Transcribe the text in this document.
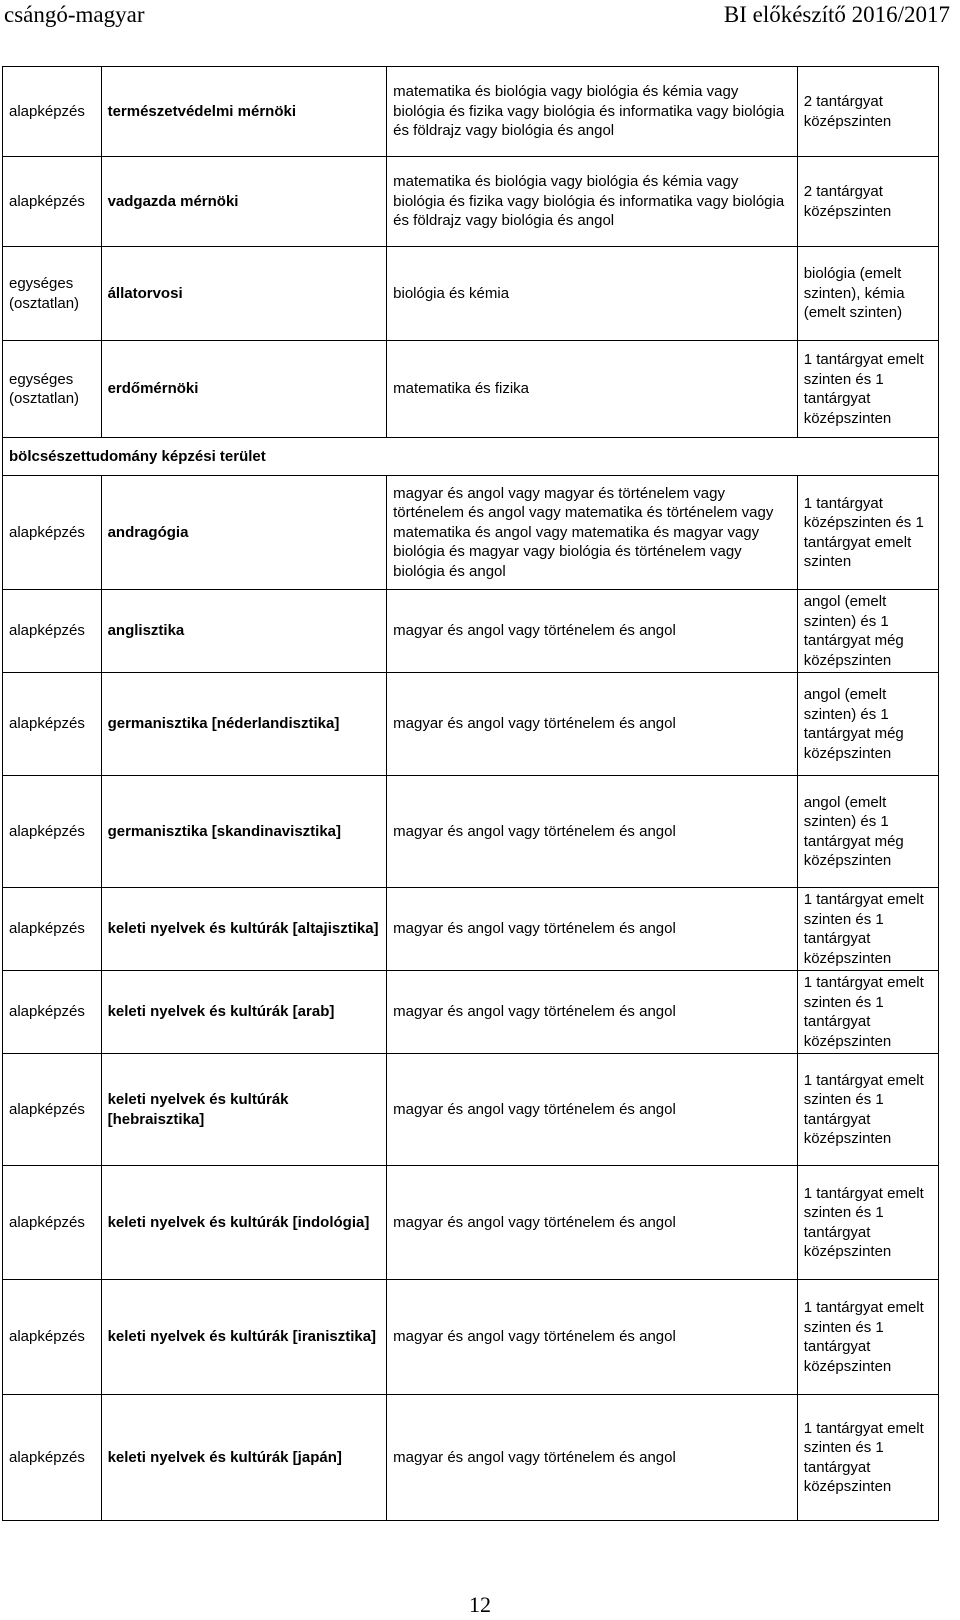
csángó-magyar	BI előkészítő 2016/2017
alapképzés	természetvédelmi mérnöki	matematika és biológia vagy biológia és kémia vagy biológia és fizika vagy biológia és informatika vagy biológia és földrajz vagy biológia és angol	2 tantárgyat középszinten
alapképzés	vadgazda mérnöki	matematika és biológia vagy biológia és kémia vagy biológia és fizika vagy biológia és informatika vagy biológia és földrajz vagy biológia és angol	2 tantárgyat középszinten
egységes (osztatlan)	állatorvosi	biológia és kémia	biológia (emelt szinten), kémia (emelt szinten)
egységes (osztatlan)	erdőmérnöki	matematika és fizika	1 tantárgyat emelt szinten és 1 tantárgyat középszinten
bölcsészettudomány képzési terület			
alapképzés	andragógia	magyar és angol vagy magyar és történelem vagy történelem és angol vagy matematika és történelem vagy matematika és angol vagy matematika és magyar vagy biológia és magyar vagy biológia és történelem vagy biológia és angol	1 tantárgyat középszinten és 1 tantárgyat emelt szinten
alapképzés	anglisztika	magyar és angol vagy történelem és angol	angol (emelt szinten) és 1 tantárgyat még középszinten
alapképzés	germanisztika [néderlandisztika]	magyar és angol vagy történelem és angol	angol (emelt szinten) és 1 tantárgyat még középszinten
alapképzés	germanisztika [skandinavisztika]	magyar és angol vagy történelem és angol	angol (emelt szinten) és 1 tantárgyat még középszinten
alapképzés	keleti nyelvek és kultúrák [altajisztika]	magyar és angol vagy történelem és angol	1 tantárgyat emelt szinten és 1 tantárgyat középszinten
alapképzés	keleti nyelvek és kultúrák [arab]	magyar és angol vagy történelem és angol	1 tantárgyat emelt szinten és 1 tantárgyat középszinten
alapképzés	keleti nyelvek és kultúrák [hebraisztika]	magyar és angol vagy történelem és angol	1 tantárgyat emelt szinten és 1 tantárgyat középszinten
alapképzés	keleti nyelvek és kultúrák [indológia]	magyar és angol vagy történelem és angol	1 tantárgyat emelt szinten és 1 tantárgyat középszinten
alapképzés	keleti nyelvek és kultúrák [iranisztika]	magyar és angol vagy történelem és angol	1 tantárgyat emelt szinten és 1 tantárgyat középszinten
alapképzés	keleti nyelvek és kultúrák [japán]	magyar és angol vagy történelem és angol	1 tantárgyat emelt szinten és 1 tantárgyat középszinten
12
